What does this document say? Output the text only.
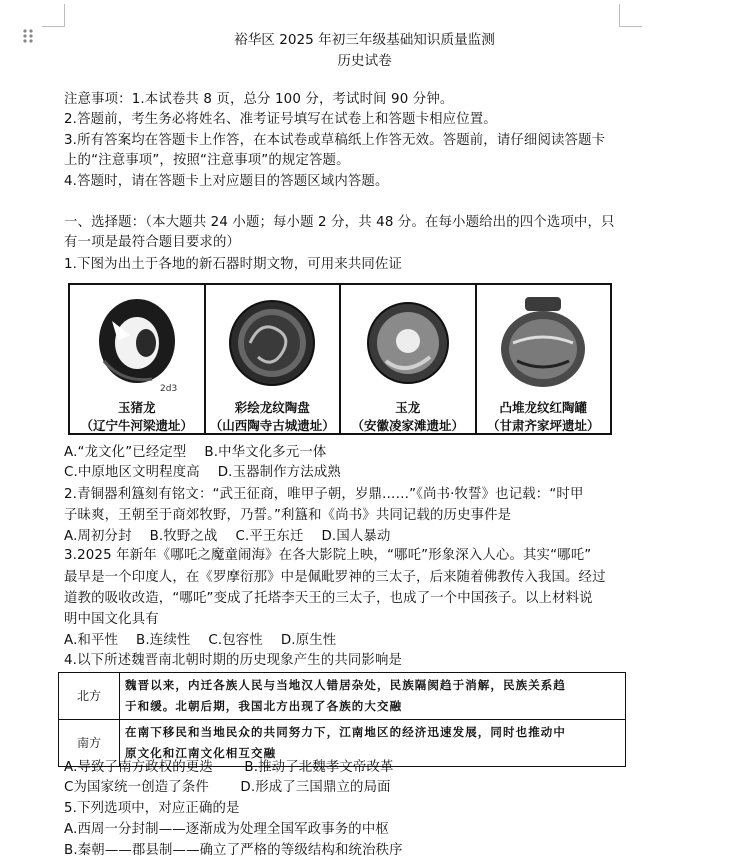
裕华区 2025 年初三年级基础知识质量监测
历史试卷
注意事项：1.本试卷共 8 页，总分 100 分，考试时间 90 分钟。
2.答题前，考生务必将姓名、准考证号填写在试卷上和答题卡相应位置。
3.所有答案均在答题卡上作答，在本试卷或草稿纸上作答无效。答题前，请仔细阅读答题卡
上的“注意事项”，按照“注意事项”的规定答题。
4.答题时，请在答题卡上对应题目的答题区域内答题。
一、选择题：（本大题共 24 小题；每小题 2 分，共 48 分。在每小题给出的四个选项中，只
有一项是最符合题目要求的）
1.下图为出土于各地的新石器时期文物，可用来共同佐证
2d3
玉猪龙
（辽宁牛河梁遗址）
彩绘龙纹陶盘
（山西陶寺古城遗址）
玉龙
（安徽凌家滩遗址）
凸堆龙纹红陶罐
（甘肃齐家坪遗址）
A.“龙文化”已经定型　 B.中华文化多元一体
C.中原地区文明程度高　 D.玉器制作方法成熟
2.青铜器利簋刻有铭文：“武王征商，唯甲子朝，岁鼎……”《尚书·牧誓》也记载：“时甲
子昧爽，王朝至于商郊牧野，乃誓。”利簋和《尚书》共同记载的历史事件是
A.周初分封　 B.牧野之战　 C.平王东迁　 D.国人暴动
3.2025 年新年《哪吒之魔童闹海》在各大影院上映，“哪吒”形象深入人心。其实“哪吒”
最早是一个印度人，在《罗摩衍那》中是佩毗罗神的三太子，后来随着佛教传入我国。经过
道教的吸收改造，“哪吒”变成了托塔李天王的三太子，也成了一个中国孩子。以上材料说
明中国文化具有
A.和平性　 B.连续性　 C.包容性　 D.原生性
4.以下所述魏晋南北朝时期的历史现象产生的共同影响是
北方	魏晋以来，内迁各族人民与当地汉人错居杂处，民族隔阂趋于消解，民族关系趋
于和缓。北朝后期，我国北方出现了各族的大交融

南方	在南下移民和当地民众的共同努力下，江南地区的经济迅速发展，同时也推动中
原文化和江南文化相互交融
A.导致了南方政权的更迭　　 B.推动了北魏孝文帝改革
C为国家统一创造了条件　　 D.形成了三国鼎立的局面
5.下列选项中，对应正确的是
A.西周一分封制——逐渐成为处理全国军政事务的中枢
B.秦朝——郡县制——确立了严格的等级结构和统治秩序
